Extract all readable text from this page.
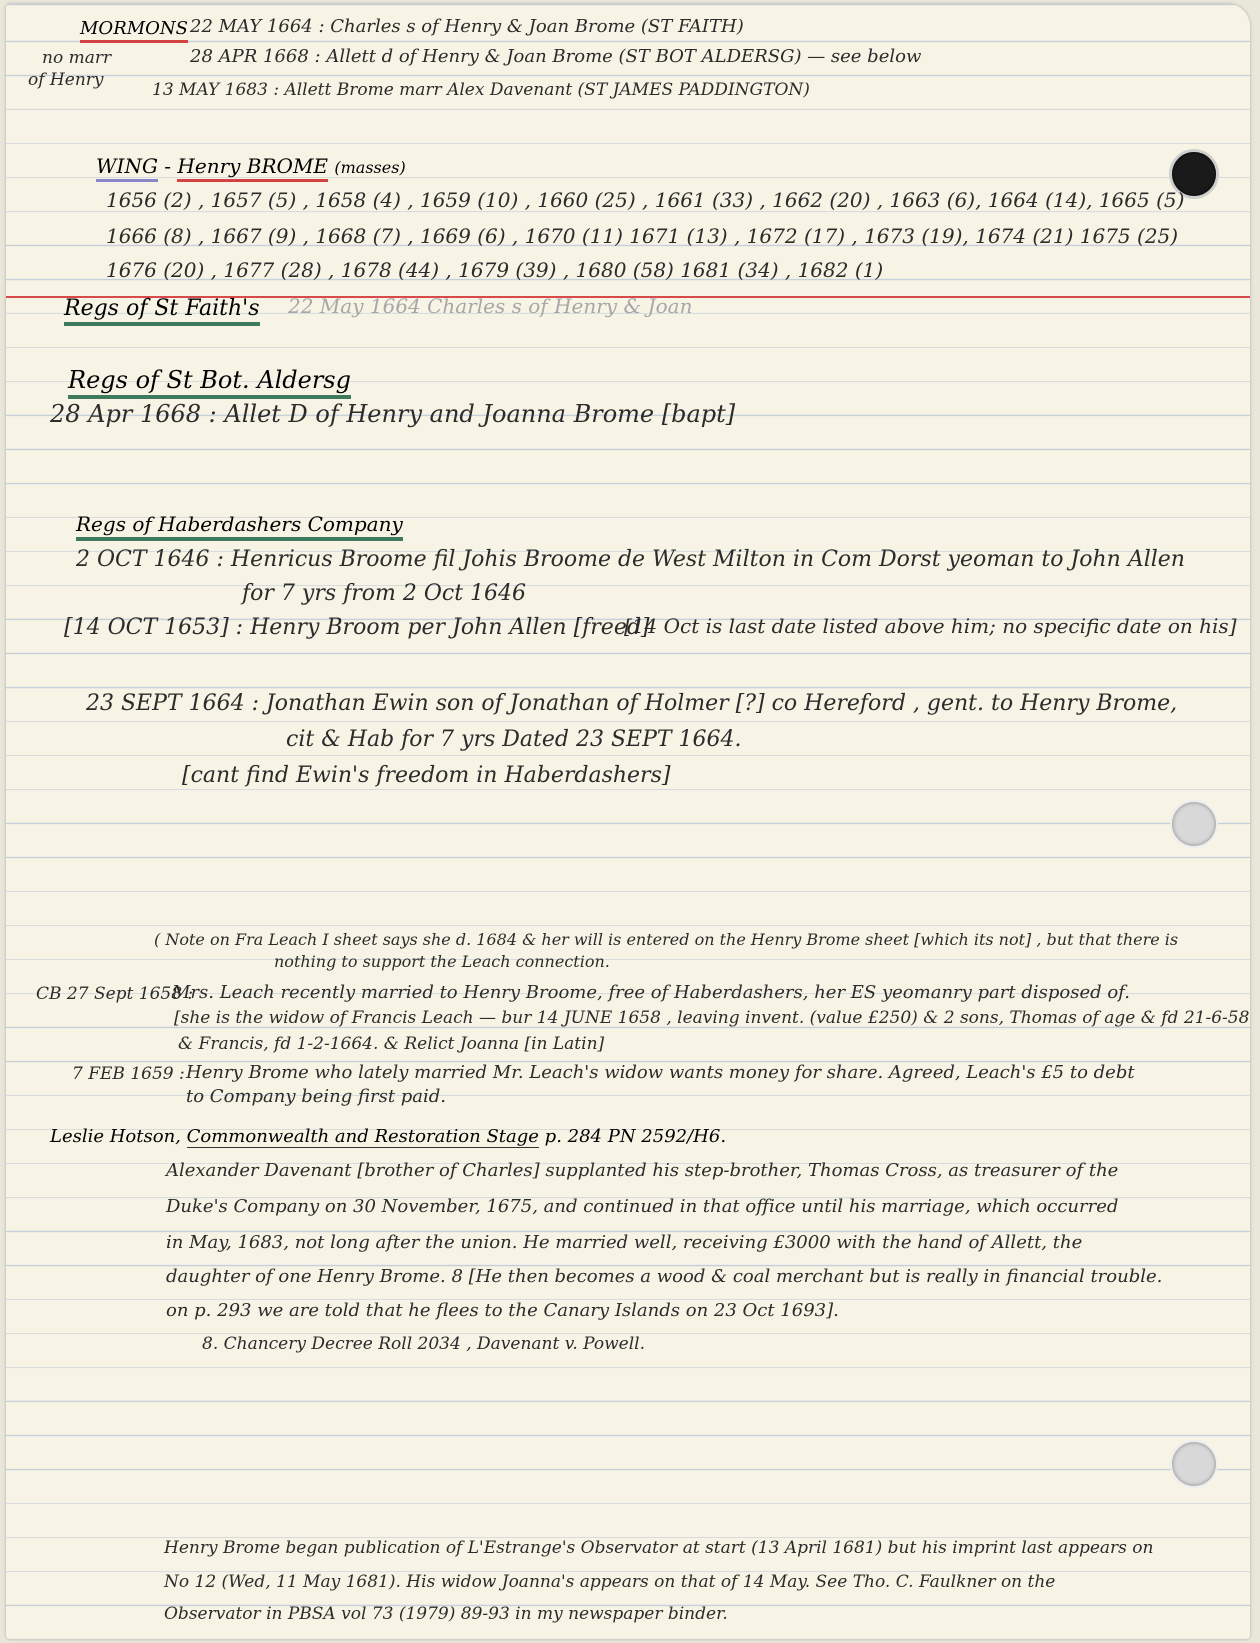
MORMONS
no marr
of Henry
22 MAY 1664 : Charles s of Henry & Joan Brome (ST FAITH)
28 APR 1668 : Allett d of Henry & Joan Brome (ST BOT ALDERSG) — see below
13 MAY 1683 : Allett Brome marr Alex Davenant (ST JAMES PADDINGTON)
WING - Henry BROME (masses)
1656 (2) , 1657 (5) , 1658 (4) , 1659 (10) , 1660 (25) , 1661 (33) , 1662 (20) , 1663 (6), 1664 (14), 1665 (5)
1666 (8) , 1667 (9) , 1668 (7) , 1669 (6) , 1670 (11) 1671 (13) , 1672 (17) , 1673 (19), 1674 (21) 1675 (25)
1676 (20) , 1677 (28) , 1678 (44) , 1679 (39) , 1680 (58) 1681 (34) , 1682 (1)
Regs of St Faith's 22 May 1664 Charles s of Henry & Joan
Regs of St Bot. Aldersg
28 Apr 1668 : Allet D of Henry and Joanna Brome [bapt]
Regs of Haberdashers Company
2 OCT 1646 : Henricus Broome fil Johis Broome de West Milton in Com Dorst yeoman to John Allen
for 7 yrs from 2 Oct 1646
[14 OCT 1653] : Henry Broom per John Allen [freed]
[14 Oct is last date listed above him; no specific date on his]
23 SEPT 1664 : Jonathan Ewin son of Jonathan of Holmer [?] co Hereford , gent. to Henry Brome,
cit & Hab for 7 yrs Dated 23 SEPT 1664.
[cant find Ewin's freedom in Haberdashers]
( Note on Fra Leach I sheet says she d. 1684 & her will is entered on the Henry Brome sheet [which its not] , but that there is
nothing to support the Leach connection.
CB 27 Sept 1658 :
Mrs. Leach recently married to Henry Broome, free of Haberdashers, her ES yeomanry part disposed of.
[she is the widow of Francis Leach — bur 14 JUNE 1658 , leaving invent. (value £250) & 2 sons, Thomas of age & fd 21-6-58
& Francis, fd 1-2-1664. & Relict Joanna [in Latin]
7 FEB 1659 : Henry Brome who lately married Mr. Leach's widow wants money for share. Agreed, Leach's £5 to debt
to Company being first paid.
Leslie Hotson, Commonwealth and Restoration Stage p. 284 PN 2592/H6.
Alexander Davenant [brother of Charles] supplanted his step-brother, Thomas Cross, as treasurer of the
Duke's Company on 30 November, 1675, and continued in that office until his marriage, which occurred
in May, 1683, not long after the union. He married well, receiving £3000 with the hand of Allett, the
daughter of one Henry Brome. 8 [He then becomes a wood & coal merchant but is really in financial trouble.
on p. 293 we are told that he flees to the Canary Islands on 23 Oct 1693].
8. Chancery Decree Roll 2034 , Davenant v. Powell.
Henry Brome began publication of L'Estrange's Observator at start (13 April 1681) but his imprint last appears on
No 12 (Wed, 11 May 1681). His widow Joanna's appears on that of 14 May. See Tho. C. Faulkner on the
Observator in PBSA vol 73 (1979) 89-93 in my newspaper binder.
